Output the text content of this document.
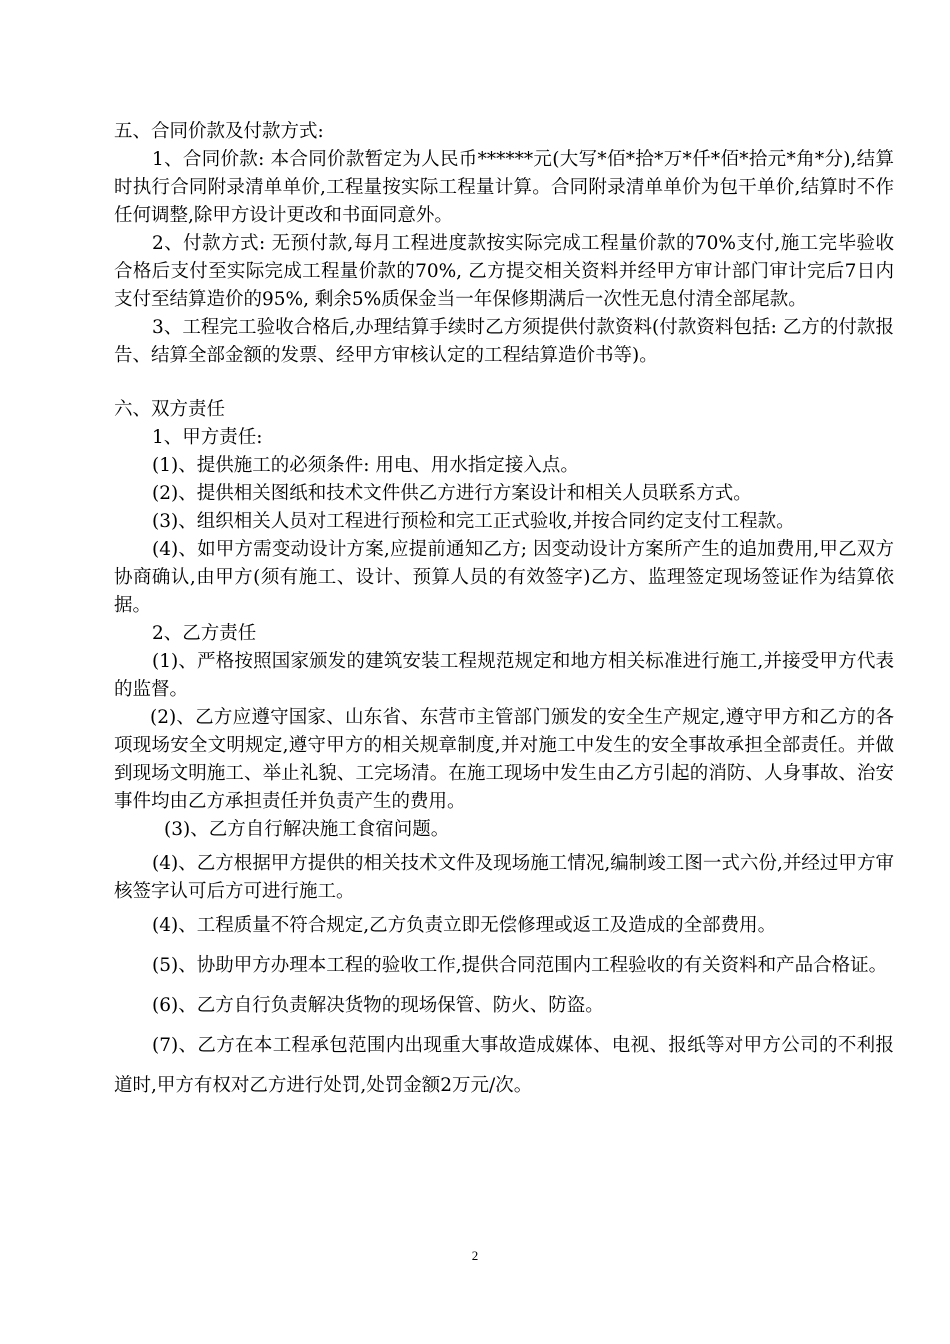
五、合同价款及付款方式:

1、合同价款: 本合同价款暂定为人民币******元(大写*佰*拾*万*仟*佰*拾元*角*分),结算时执行合同附录清单单价,工程量按实际工程量计算。合同附录清单单价为包干单价,结算时不作任何调整,除甲方设计更改和书面同意外。

2、付款方式: 无预付款,每月工程进度款按实际完成工程量价款的70%支付,施工完毕验收合格后支付至实际完成工程量价款的70%, 乙方提交相关资料并经甲方审计部门审计完后7日内支付至结算造价的95%, 剩余5%质保金当一年保修期满后一次性无息付清全部尾款。

3、工程完工验收合格后,办理结算手续时乙方须提供付款资料(付款资料包括: 乙方的付款报告、结算全部金额的发票、经甲方审核认定的工程结算造价书等)。

六、双方责任

1、甲方责任:

(1)、提供施工的必须条件: 用电、用水指定接入点。

(2)、提供相关图纸和技术文件供乙方进行方案设计和相关人员联系方式。

(3)、组织相关人员对工程进行预检和完工正式验收,并按合同约定支付工程款。

(4)、如甲方需变动设计方案,应提前通知乙方; 因变动设计方案所产生的追加费用,甲乙双方协商确认,由甲方(须有施工、设计、预算人员的有效签字)乙方、监理签定现场签证作为结算依据。

2、乙方责任

(1)、严格按照国家颁发的建筑安装工程规范规定和地方相关标准进行施工,并接受甲方代表的监督。

(2)、乙方应遵守国家、山东省、东营市主管部门颁发的安全生产规定,遵守甲方和乙方的各项现场安全文明规定,遵守甲方的相关规章制度,并对施工中发生的安全事故承担全部责任。并做到现场文明施工、举止礼貌、工完场清。在施工现场中发生由乙方引起的消防、人身事故、治安事件均由乙方承担责任并负责产生的费用。

(3)、乙方自行解决施工食宿问题。

(4)、乙方根据甲方提供的相关技术文件及现场施工情况,编制竣工图一式六份,并经过甲方审核签字认可后方可进行施工。

(4)、工程质量不符合规定,乙方负责立即无偿修理或返工及造成的全部费用。

(5)、协助甲方办理本工程的验收工作,提供合同范围内工程验收的有关资料和产品合格证。

(6)、乙方自行负责解决货物的现场保管、防火、防盗。

(7)、乙方在本工程承包范围内出现重大事故造成媒体、电视、报纸等对甲方公司的不利报道时,甲方有权对乙方进行处罚,处罚金额2万元/次。

2
